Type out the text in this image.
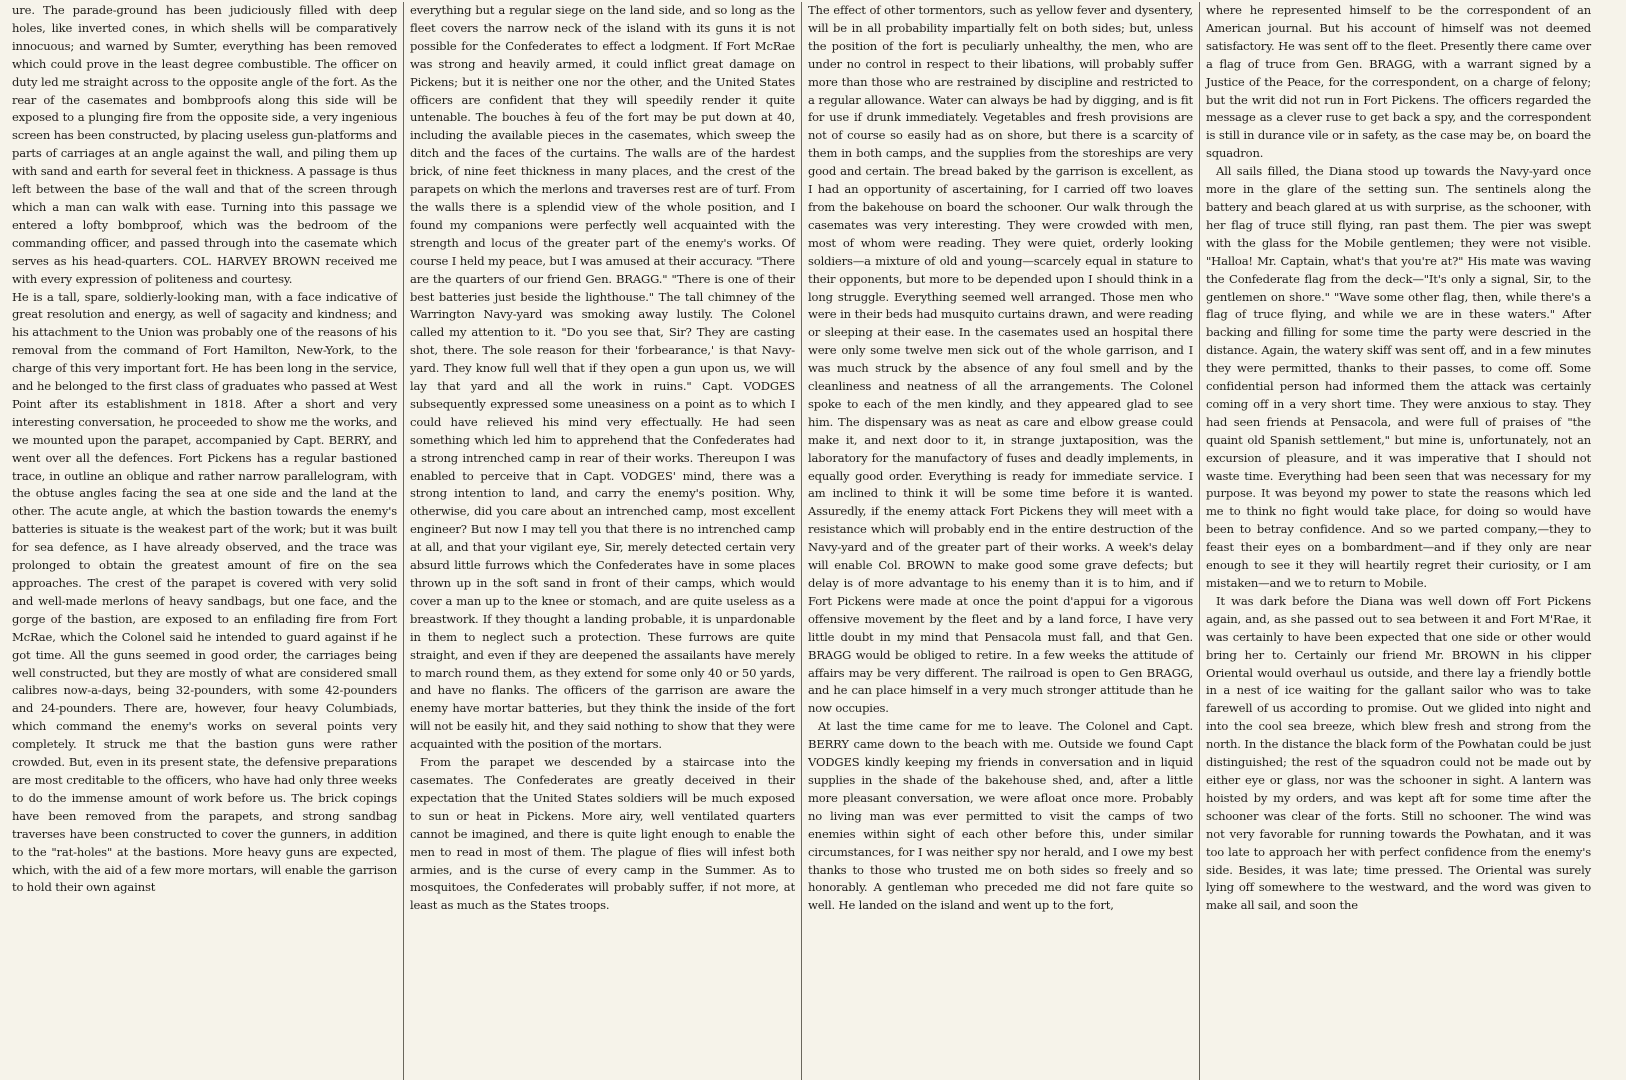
ure. The parade-ground has been judiciously filled with deep holes, like inverted cones, in which shells will be comparatively innocuous; and warned by Sumter, everything has been removed which could prove in the least degree combustible. The officer on duty led me straight across to the opposite angle of the fort. As the rear of the casemates and bombproofs along this side will be exposed to a plunging fire from the opposite side, a very ingenious screen has been constructed, by placing useless gun-platforms and parts of carriages at an angle against the wall, and piling them up with sand and earth for several feet in thickness. A passage is thus left between the base of the wall and that of the screen through which a man can walk with ease. Turning into this passage we entered a lofty bombproof, which was the bedroom of the commanding officer, and passed through into the casemate which serves as his head-quarters. COL. HARVEY BROWN received me with every expression of politeness and courtesy.

He is a tall, spare, soldierly-looking man, with a face indicative of great resolution and energy, as well of sagacity and kindness; and his attachment to the Union was probably one of the reasons of his removal from the command of Fort Hamilton, New-York, to the charge of this very important fort. He has been long in the service, and he belonged to the first class of graduates who passed at West Point after its establishment in 1818. After a short and very interesting conversation, he proceeded to show me the works, and we mounted upon the parapet, accompanied by Capt. BERRY, and went over all the defences. Fort Pickens has a regular bastioned trace, in outline an oblique and rather narrow parallelogram, with the obtuse angles facing the sea at one side and the land at the other. The acute angle, at which the bastion towards the enemy's batteries is situate is the weakest part of the work; but it was built for sea defence, as I have already observed, and the trace was prolonged to obtain the greatest amount of fire on the sea approaches. The crest of the parapet is covered with very solid and well-made merlons of heavy sandbags, but one face, and the gorge of the bastion, are exposed to an enfilading fire from Fort McRae, which the Colonel said he intended to guard against if he got time. All the guns seemed in good order, the carriages being well constructed, but they are mostly of what are considered small calibres now-a-days, being 32-pounders, with some 42-pounders and 24-pounders. There are, however, four heavy Columbiads, which command the enemy's works on several points very completely. It struck me that the bastion guns were rather crowded. But, even in its present state, the defensive preparations are most creditable to the officers, who have had only three weeks to do the immense amount of work before us. The brick copings have been removed from the parapets, and strong sandbag traverses have been constructed to cover the gunners, in addition to the "rat-holes" at the bastions. More heavy guns are expected, which, with the aid of a few more mortars, will enable the garrison to hold their own against

everything but a regular siege on the land side, and so long as the fleet covers the narrow neck of the island with its guns it is not possible for the Confederates to effect a lodgment. If Fort McRae was strong and heavily armed, it could inflict great damage on Pickens; but it is neither one nor the other, and the United States officers are confident that they will speedily render it quite untenable. The bouches à feu of the fort may be put down at 40, including the available pieces in the casemates, which sweep the ditch and the faces of the curtains. The walls are of the hardest brick, of nine feet thickness in many places, and the crest of the parapets on which the merlons and traverses rest are of turf. From the walls there is a splendid view of the whole position, and I found my companions were perfectly well acquainted with the strength and locus of the greater part of the enemy's works. Of course I held my peace, but I was amused at their accuracy. "There are the quarters of our friend Gen. BRAGG." "There is one of their best batteries just beside the lighthouse." The tall chimney of the Warrington Navy-yard was smoking away lustily. The Colonel called my attention to it. "Do you see that, Sir? They are casting shot, there. The sole reason for their 'forbearance,' is that Navy-yard. They know full well that if they open a gun upon us, we will lay that yard and all the work in ruins." Capt. VODGES subsequently expressed some uneasiness on a point as to which I could have relieved his mind very effectually. He had seen something which led him to apprehend that the Confederates had a strong intrenched camp in rear of their works. Thereupon I was enabled to perceive that in Capt. VODGES' mind, there was a strong intention to land, and carry the enemy's position. Why, otherwise, did you care about an intrenched camp, most excellent engineer? But now I may tell you that there is no intrenched camp at all, and that your vigilant eye, Sir, merely detected certain very absurd little furrows which the Confederates have in some places thrown up in the soft sand in front of their camps, which would cover a man up to the knee or stomach, and are quite useless as a breastwork. If they thought a landing probable, it is unpardonable in them to neglect such a protection. These furrows are quite straight, and even if they are deepened the assailants have merely to march round them, as they extend for some only 40 or 50 yards, and have no flanks. The officers of the garrison are aware the enemy have mortar batteries, but they think the inside of the fort will not be easily hit, and they said nothing to show that they were acquainted with the position of the mortars.

From the parapet we descended by a staircase into the casemates. The Confederates are greatly deceived in their expectation that the United States soldiers will be much exposed to sun or heat in Pickens. More airy, well ventilated quarters cannot be imagined, and there is quite light enough to enable the men to read in most of them. The plague of flies will infest both armies, and is the curse of every camp in the Summer. As to mosquitoes, the Confederates will probably suffer, if not more, at least as much as the States troops.

The effect of other tormentors, such as yellow fever and dysentery, will be in all probability impartially felt on both sides; but, unless the position of the fort is peculiarly unhealthy, the men, who are under no control in respect to their libations, will probably suffer more than those who are restrained by discipline and restricted to a regular allowance. Water can always be had by digging, and is fit for use if drunk immediately. Vegetables and fresh provisions are not of course so easily had as on shore, but there is a scarcity of them in both camps, and the supplies from the storeships are very good and certain. The bread baked by the garrison is excellent, as I had an opportunity of ascertaining, for I carried off two loaves from the bakehouse on board the schooner. Our walk through the casemates was very interesting. They were crowded with men, most of whom were reading. They were quiet, orderly looking soldiers—a mixture of old and young—scarcely equal in stature to their opponents, but more to be depended upon I should think in a long struggle. Everything seemed well arranged. Those men who were in their beds had musquito curtains drawn, and were reading or sleeping at their ease. In the casemates used an hospital there were only some twelve men sick out of the whole garrison, and I was much struck by the absence of any foul smell and by the cleanliness and neatness of all the arrangements. The Colonel spoke to each of the men kindly, and they appeared glad to see him. The dispensary was as neat as care and elbow grease could make it, and next door to it, in strange juxtaposition, was the laboratory for the manufactory of fuses and deadly implements, in equally good order. Everything is ready for immediate service. I am inclined to think it will be some time before it is wanted. Assuredly, if the enemy attack Fort Pickens they will meet with a resistance which will probably end in the entire destruction of the Navy-yard and of the greater part of their works. A week's delay will enable Col. BROWN to make good some grave defects; but delay is of more advantage to his enemy than it is to him, and if Fort Pickens were made at once the point d'appui for a vigorous offensive movement by the fleet and by a land force, I have very little doubt in my mind that Pensacola must fall, and that Gen. BRAGG would be obliged to retire. In a few weeks the attitude of affairs may be very different. The railroad is open to Gen BRAGG, and he can place himself in a very much stronger attitude than he now occupies.

At last the time came for me to leave. The Colonel and Capt. BERRY came down to the beach with me. Outside we found Capt VODGES kindly keeping my friends in conversation and in liquid supplies in the shade of the bakehouse shed, and, after a little more pleasant conversation, we were afloat once more. Probably no living man was ever permitted to visit the camps of two enemies within sight of each other before this, under similar circumstances, for I was neither spy nor herald, and I owe my best thanks to those who trusted me on both sides so freely and so honorably. A gentleman who preceded me did not fare quite so well. He landed on the island and went up to the fort,

where he represented himself to be the correspondent of an American journal. But his account of himself was not deemed satisfactory. He was sent off to the fleet. Presently there came over a flag of truce from Gen. BRAGG, with a warrant signed by a Justice of the Peace, for the correspondent, on a charge of felony; but the writ did not run in Fort Pickens. The officers regarded the message as a clever ruse to get back a spy, and the correspondent is still in durance vile or in safety, as the case may be, on board the squadron.

All sails filled, the Diana stood up towards the Navy-yard once more in the glare of the setting sun. The sentinels along the battery and beach glared at us with surprise, as the schooner, with her flag of truce still flying, ran past them. The pier was swept with the glass for the Mobile gentlemen; they were not visible. "Halloa! Mr. Captain, what's that you're at?" His mate was waving the Confederate flag from the deck—"It's only a signal, Sir, to the gentlemen on shore." "Wave some other flag, then, while there's a flag of truce flying, and while we are in these waters." After backing and filling for some time the party were descried in the distance. Again, the watery skiff was sent off, and in a few minutes they were permitted, thanks to their passes, to come off. Some confidential person had informed them the attack was certainly coming off in a very short time. They were anxious to stay. They had seen friends at Pensacola, and were full of praises of "the quaint old Spanish settlement," but mine is, unfortunately, not an excursion of pleasure, and it was imperative that I should not waste time. Everything had been seen that was necessary for my purpose. It was beyond my power to state the reasons which led me to think no fight would take place, for doing so would have been to betray confidence. And so we parted company,—they to feast their eyes on a bombardment—and if they only are near enough to see it they will heartily regret their curiosity, or I am mistaken—and we to return to Mobile.

It was dark before the Diana was well down off Fort Pickens again, and, as she passed out to sea between it and Fort M'Rae, it was certainly to have been expected that one side or other would bring her to. Certainly our friend Mr. BROWN in his clipper Oriental would overhaul us outside, and there lay a friendly bottle in a nest of ice waiting for the gallant sailor who was to take farewell of us according to promise. Out we glided into night and into the cool sea breeze, which blew fresh and strong from the north. In the distance the black form of the Powhatan could be just distinguished; the rest of the squadron could not be made out by either eye or glass, nor was the schooner in sight. A lantern was hoisted by my orders, and was kept aft for some time after the schooner was clear of the forts. Still no schooner. The wind was not very favorable for running towards the Powhatan, and it was too late to approach her with perfect confidence from the enemy's side. Besides, it was late; time pressed. The Oriental was surely lying off somewhere to the westward, and the word was given to make all sail, and soon the
